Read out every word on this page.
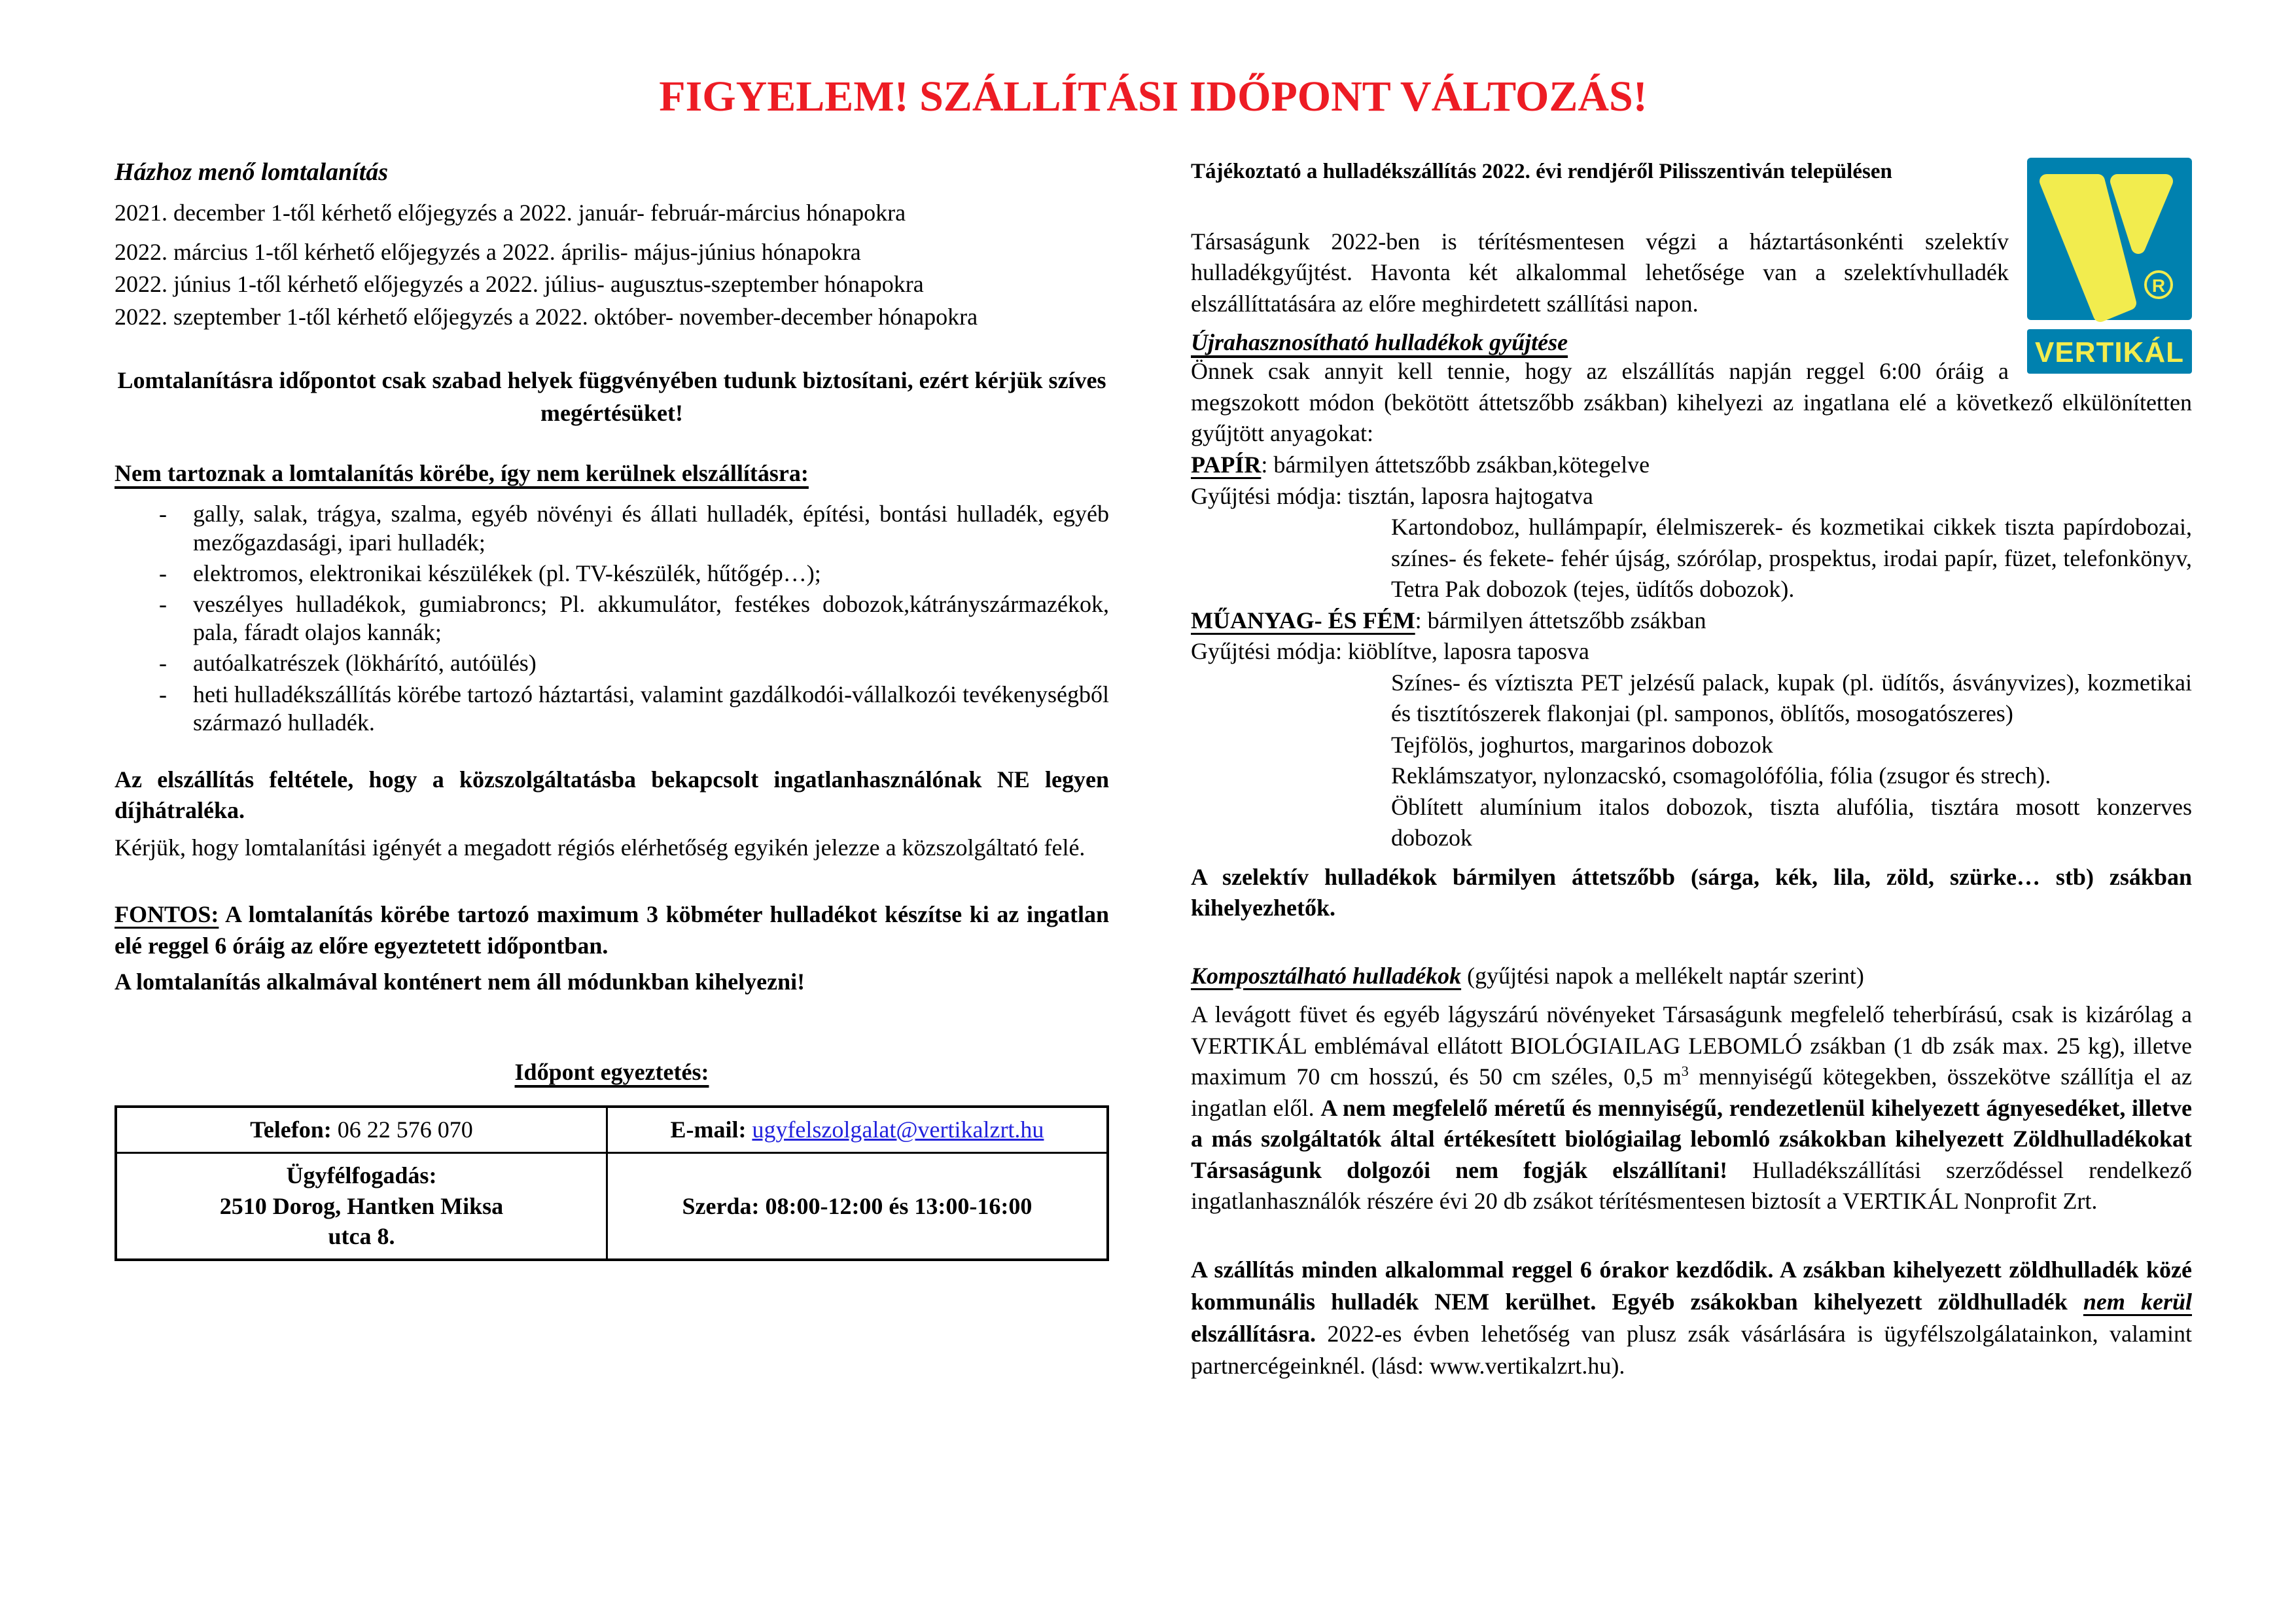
FIGYELEM! SZÁLLÍTÁSI IDŐPONT VÁLTOZÁS!
Házhoz menő lomtalanítás

2021. december 1-től kérhető előjegyzés a 2022. január- február-március hónapokra

2022. március 1-től kérhető előjegyzés a 2022. április- május-június hónapokra

2022. június 1-től kérhető előjegyzés a 2022. július- augusztus-szeptember hónapokra

2022. szeptember 1-től kérhető előjegyzés a 2022. október- november-december hónapokra

Lomtalanításra időpontot csak szabad helyek függvényében tudunk biztosítani, ezért kérjük szíves megértésüket!

Nem tartoznak a lomtalanítás körébe, így nem kerülnek elszállításra:

- gally, salak, trágya, szalma, egyéb növényi és állati hulladék, építési, bontási hulladék, egyéb mezőgazdasági, ipari hulladék;
- elektromos, elektronikai készülékek (pl. TV-készülék, hűtőgép…);
- veszélyes hulladékok, gumiabroncs; Pl. akkumulátor, festékes dobozok,kátrányszármazékok, pala, fáradt olajos kannák;
- autóalkatrészek (lökhárító, autóülés)
- heti hulladékszállítás körébe tartozó háztartási, valamint gazdálkodói-vállalkozói tevékenységből származó hulladék.

Az elszállítás feltétele, hogy a közszolgáltatásba bekapcsolt ingatlanhasználónak NE legyen díjhátraléka.

Kérjük, hogy lomtalanítási igényét a megadott régiós elérhetőség egyikén jelezze a közszolgáltató felé.

FONTOS: A lomtalanítás körébe tartozó maximum 3 köbméter hulladékot készítse ki az ingatlan elé reggel 6 óráig az előre egyeztetett időpontban.

A lomtalanítás alkalmával konténert nem áll módunkban kihelyezni!

Időpont egyeztetés:

Telefon: 06 22 576 070	E-mail: ugyfelszolgalat@vertikalzrt.hu

Ügyfélfogadás:
2510 Dorog, Hantken Miksa
utca 8.	Szerda: 08:00-12:00 és 13:00-16:00
R
VERTIKÁL
Tájékoztató a hulladékszállítás 2022. évi rendjéről Pilisszentiván településen

Társaságunk 2022-ben is térítésmentesen végzi a háztartásonkénti szelektív hulladékgyűjtést. Havonta két alkalommal lehetősége van a szelektívhulladék elszállíttatására az előre meghirdetett szállítási napon.

Újrahasznosítható hulladékok gyűjtése

Önnek csak annyit kell tennie, hogy az elszállítás napján reggel 6:00 óráig a megszokott módon (bekötött áttetszőbb zsákban) kihelyezi az ingatlana elé a következő elkülönítetten gyűjtött anyagokat:

PAPÍR: bármilyen áttetszőbb zsákban,kötegelve

Gyűjtési módja: tisztán, laposra hajtogatva

Kartondoboz, hullámpapír, élelmiszerek- és kozmetikai cikkek tiszta papírdobozai, színes- és fekete- fehér újság, szórólap, prospektus, irodai papír, füzet, telefonkönyv, Tetra Pak dobozok (tejes, üdítős dobozok).

MŰANYAG- ÉS FÉM: bármilyen áttetszőbb zsákban

Gyűjtési módja: kiöblítve, laposra taposva

Színes- és víztiszta PET jelzésű palack, kupak (pl. üdítős, ásványvizes), kozmetikai és tisztítószerek flakonjai (pl. samponos, öblítős, mosogatószeres)

Tejfölös, joghurtos, margarinos dobozok

Reklámszatyor, nylonzacskó, csomagolófólia, fólia (zsugor és strech).

Öblített alumínium italos dobozok, tiszta alufólia, tisztára mosott konzerves dobozok

A szelektív hulladékok bármilyen áttetszőbb (sárga, kék, lila, zöld, szürke… stb) zsákban kihelyezhetők.

Komposztálható hulladékok (gyűjtési napok a mellékelt naptár szerint)

A levágott füvet és egyéb lágyszárú növényeket Társaságunk megfelelő teherbírású, csak is kizárólag a VERTIKÁL emblémával ellátott BIOLÓGIAILAG LEBOMLÓ zsákban (1 db zsák max. 25 kg), illetve maximum 70 cm hosszú, és 50 cm széles, 0,5 $m^3$ mennyiségű kötegekben, összekötve szállítja el az ingatlan elől. A nem megfelelő méretű és mennyiségű, rendezetlenül kihelyezett ágnyesedéket, illetve a más szolgáltatók által értékesített biológiailag lebomló zsákokban kihelyezett Zöldhulladékokat Társaságunk dolgozói nem fogják elszállítani! Hulladékszállítási szerződéssel rendelkező ingatlanhasználók részére évi 20 db zsákot térítésmentesen biztosít a VERTIKÁL Nonprofit Zrt.

A szállítás minden alkalommal reggel 6 órakor kezdődik. A zsákban kihelyezett zöldhulladék közé kommunális hulladék NEM kerülhet. Egyéb zsákokban kihelyezett zöldhulladék nem kerül elszállításra. 2022-es évben lehetőség van plusz zsák vásárlására is ügyfélszolgálatainkon, valamint partnercégeinknél. (lásd: www.vertikalzrt.hu).
